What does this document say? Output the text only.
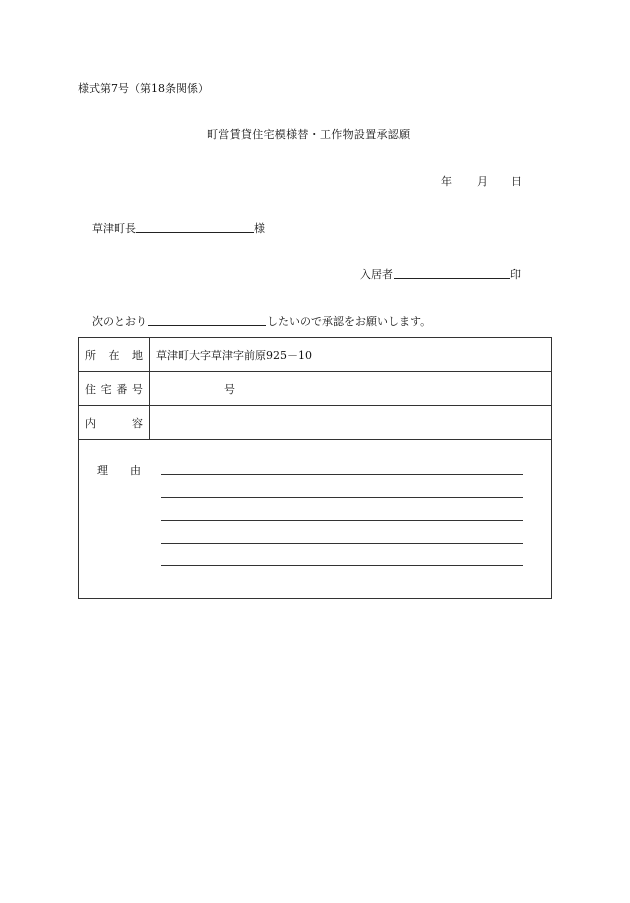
様式第7号（第18条関係）
町営賃貸住宅模様替・工作物設置承認願
年 月 日
草津町長	様
入居者	印
次のとおり	したいので承認をお願いします。
所 在 地	草津町大字草津字前原925－10

住 宅 番 号	号

内 容	

理 由	
